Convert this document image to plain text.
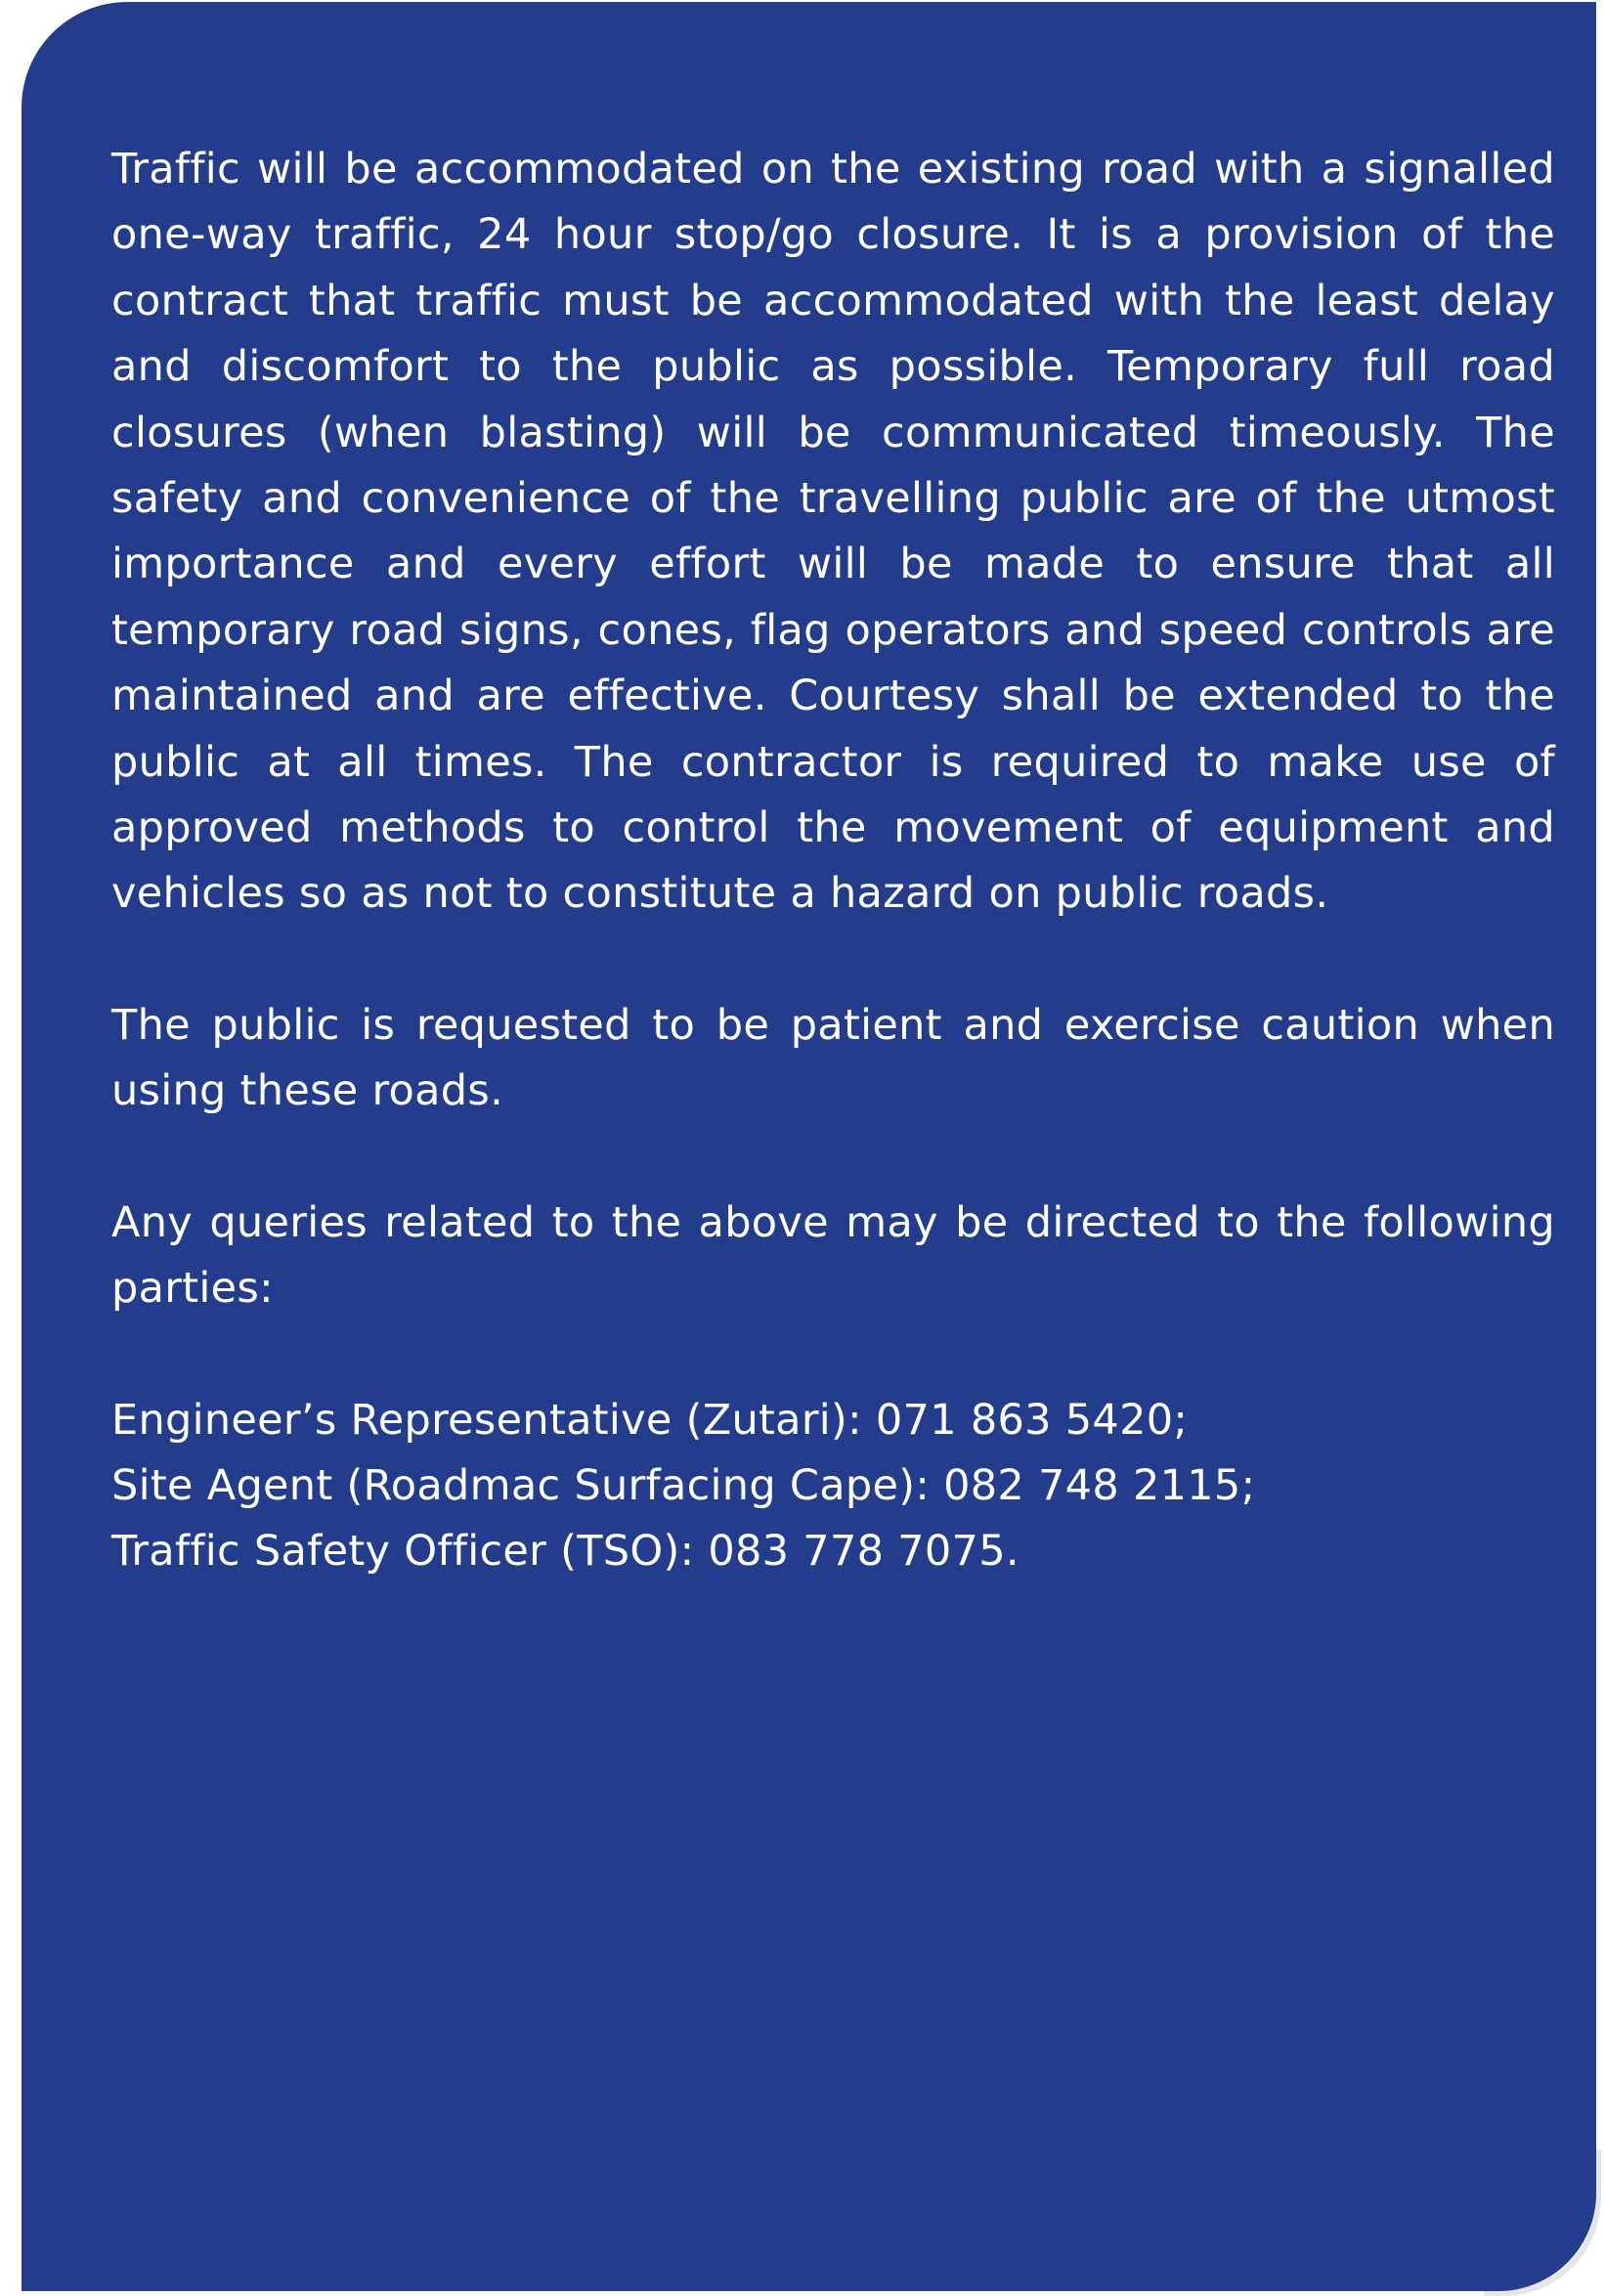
Traffic will be accommodated on the existing road with a signalled one-way traffic, 24 hour stop/go closure. It is a provision of the contract that traffic must be accommodated with the least delay and discomfort to the public as possible. Temporary full road closures (when blasting) will be communicated timeously. The safety and convenience of the travelling public are of the utmost importance and every effort will be made to ensure that all temporary road signs, cones, flag operators and speed controls are maintained and are effective. Courtesy shall be extended to the public at all times. The contractor is required to make use of approved methods to control the movement of equipment and vehicles so as not to constitute a hazard on public roads.

The public is requested to be patient and exercise caution when using these roads.

Any queries related to the above may be directed to the following parties:

Engineer’s Representative (Zutari): 071 863 5420;

Site Agent (Roadmac Surfacing Cape): 082 748 2115;

Traffic Safety Officer (TSO): 083 778 7075.
